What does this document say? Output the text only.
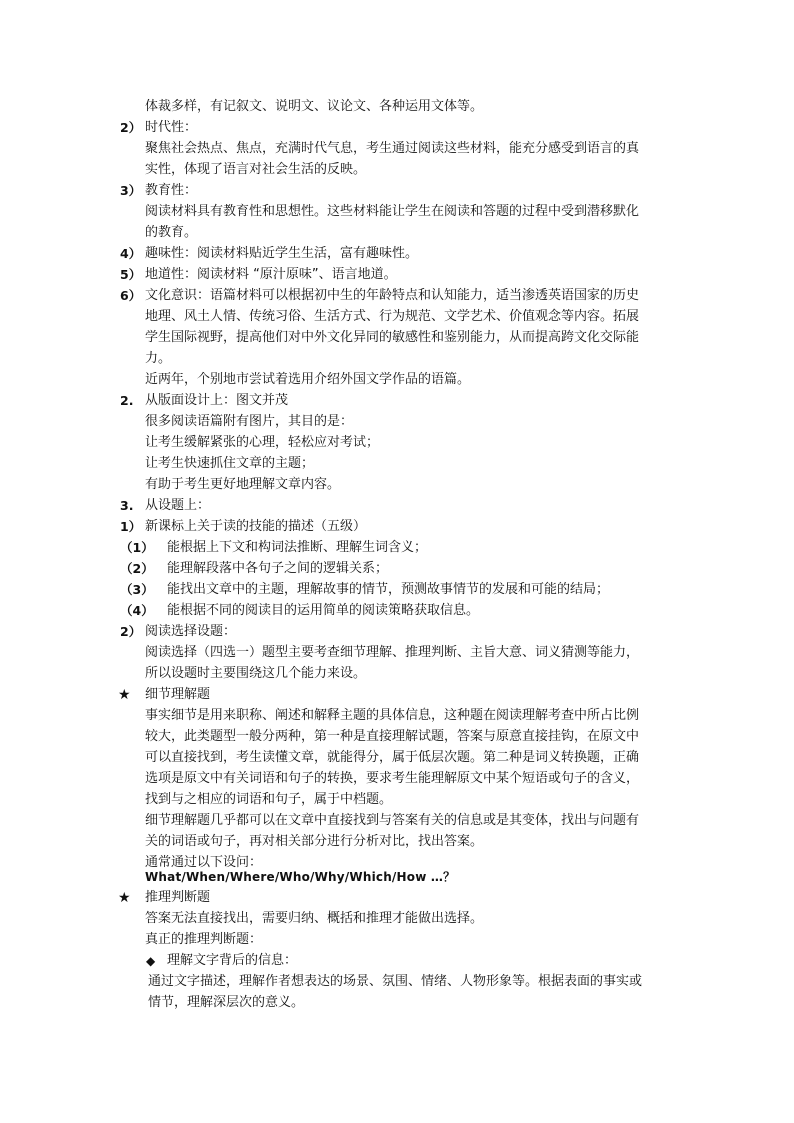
体裁多样，有记叙文、说明文、议论文、各种运用文体等。
2） 时代性：
聚焦社会热点、焦点，充满时代气息，考生通过阅读这些材料，能充分感受到语言的真
实性，体现了语言对社会生活的反映。
3） 教育性：
阅读材料具有教育性和思想性。这些材料能让学生在阅读和答题的过程中受到潜移默化
的教育。
4） 趣味性：阅读材料贴近学生生活，富有趣味性。
5） 地道性：阅读材料 “原汁原味”、语言地道。
6） 文化意识：语篇材料可以根据初中生的年龄特点和认知能力，适当渗透英语国家的历史
地理、风土人情、传统习俗、生活方式、行为规范、文学艺术、价值观念等内容。拓展
学生国际视野，提高他们对中外文化异同的敏感性和鉴别能力，从而提高跨文化交际能
力。
近两年，个别地市尝试着选用介绍外国文学作品的语篇。
2. 从版面设计上：图文并茂
很多阅读语篇附有图片，其目的是：
让考生缓解紧张的心理，轻松应对考试；
让考生快速抓住文章的主题；
有助于考生更好地理解文章内容。
3. 从设题上：
1） 新课标上关于读的技能的描述（五级）
（1） 能根据上下文和构词法推断、理解生词含义；
（2） 能理解段落中各句子之间的逻辑关系；
（3） 能找出文章中的主题，理解故事的情节，预测故事情节的发展和可能的结局；
（4） 能根据不同的阅读目的运用简单的阅读策略获取信息。
2） 阅读选择设题：
阅读选择（四选一）题型主要考查细节理解、推理判断、主旨大意、词义猜测等能力，
所以设题时主要围绕这几个能力来设。
★ 细节理解题
事实细节是用来职称、阐述和解释主题的具体信息，这种题在阅读理解考查中所占比例
较大，此类题型一般分两种，第一种是直接理解试题，答案与原意直接挂钩，在原文中
可以直接找到，考生读懂文章，就能得分，属于低层次题。第二种是词义转换题，正确
选项是原文中有关词语和句子的转换，要求考生能理解原文中某个短语或句子的含义，
找到与之相应的词语和句子，属于中档题。
细节理解题几乎都可以在文章中直接找到与答案有关的信息或是其变体，找出与问题有
关的词语或句子，再对相关部分进行分析对比，找出答案。
通常通过以下设问：
What/When/Where/Who/Why/Which/How …？
★ 推理判断题
答案无法直接找出，需要归纳、概括和推理才能做出选择。
真正的推理判断题：
◆ 理解文字背后的信息：
通过文字描述，理解作者想表达的场景、氛围、情绪、人物形象等。根据表面的事实或
情节，理解深层次的意义。
